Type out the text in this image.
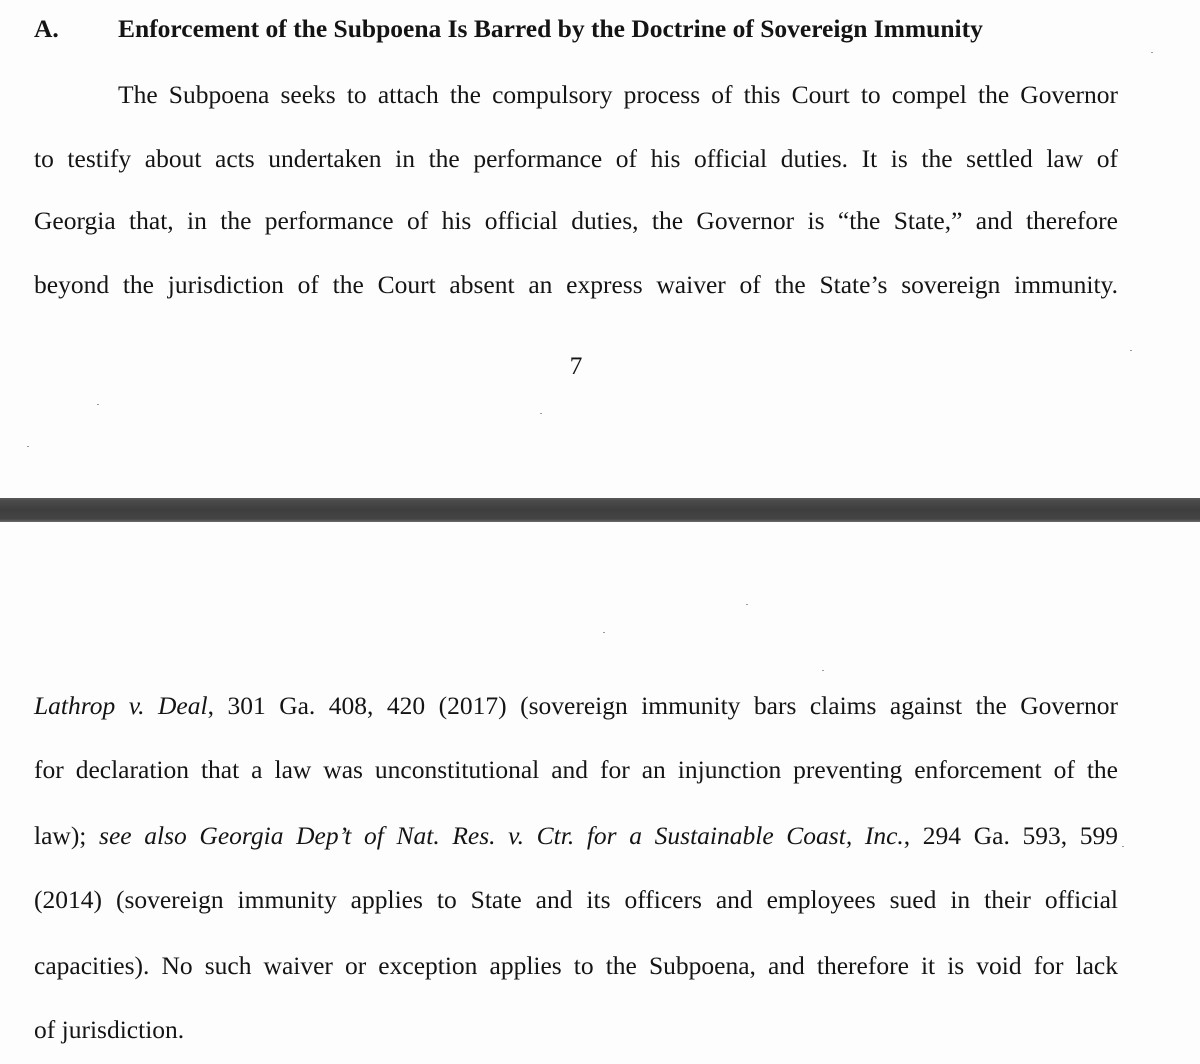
A. Enforcement of the Subpoena Is Barred by the Doctrine of Sovereign Immunity
The Subpoena seeks to attach the compulsory process of this Court to compel the Governor
to testify about acts undertaken in the performance of his official duties. It is the settled law of
Georgia that, in the performance of his official duties, the Governor is “the State,” and therefore
beyond the jurisdiction of the Court absent an express waiver of the State’s sovereign immunity.
7
Lathrop v. Deal, 301 Ga. 408, 420 (2017) (sovereign immunity bars claims against the Governor
for declaration that a law was unconstitutional and for an injunction preventing enforcement of the
law); see also Georgia Dep’t of Nat. Res. v. Ctr. for a Sustainable Coast, Inc., 294 Ga. 593, 599
(2014) (sovereign immunity applies to State and its officers and employees sued in their official
capacities). No such waiver or exception applies to the Subpoena, and therefore it is void for lack
of jurisdiction.
